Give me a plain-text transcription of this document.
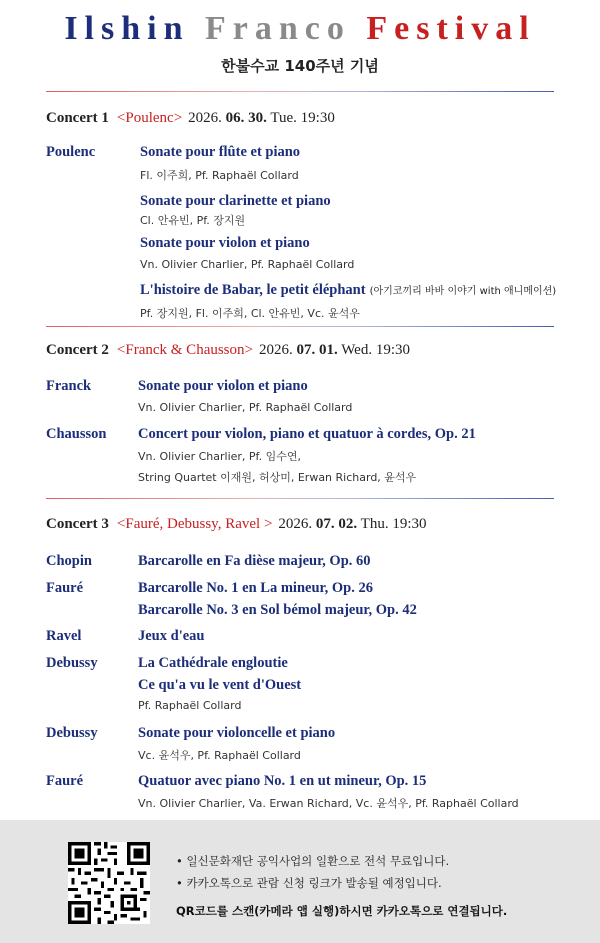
Ilshin Franco Festival
한불수교 140주년 기념
Concert 1 <Poulenc> 2026. 06. 30. Tue. 19:30
Poulenc	Sonate pour flûte et piano
Fl. 이주희, Pf. Raphaël Collard
Sonate pour clarinette et piano
Cl. 안유빈, Pf. 장지원
Sonate pour violon et piano
Vn. Olivier Charlier, Pf. Raphaël Collard
L'histoire de Babar, le petit éléphant (아기코끼리 바바 이야기 with 애니메이션)
Pf. 장지원, Fl. 이주희, Cl. 안유빈, Vc. 윤석우
Concert 2 <Franck & Chausson> 2026. 07. 01. Wed. 19:30
Franck	Sonate pour violon et piano
Vn. Olivier Charlier, Pf. Raphaël Collard
Chausson Concert pour violon, piano et quatuor à cordes, Op. 21
Vn. Olivier Charlier, Pf. 임수연,
String Quartet 이재원, 허상미, Erwan Richard, 윤석우
Concert 3 <Fauré, Debussy, Ravel > 2026. 07. 02. Thu. 19:30
Chopin	Barcarolle en Fa dièse majeur, Op. 60
Fauré	Barcarolle No. 1 en La mineur, Op. 26
Barcarolle No. 3 en Sol bémol majeur, Op. 42
Ravel	Jeux d'eau
Debussy	La Cathédrale engloutie
Ce qu'a vu le vent d'Ouest
Pf. Raphaël Collard
Debussy	Sonate pour violoncelle et piano
Vc. 윤석우, Pf. Raphaël Collard
Fauré	Quatuor avec piano No. 1 en ut mineur, Op. 15
Vn. Olivier Charlier, Va. Erwan Richard, Vc. 윤석우, Pf. Raphaël Collard
• 일신문화재단 공익사업의 일환으로 전석 무료입니다.
• 카카오톡으로 관람 신청 링크가 발송될 예정입니다.
QR코드를 스캔(카메라 앱 실행)하시면 카카오톡으로 연결됩니다.
